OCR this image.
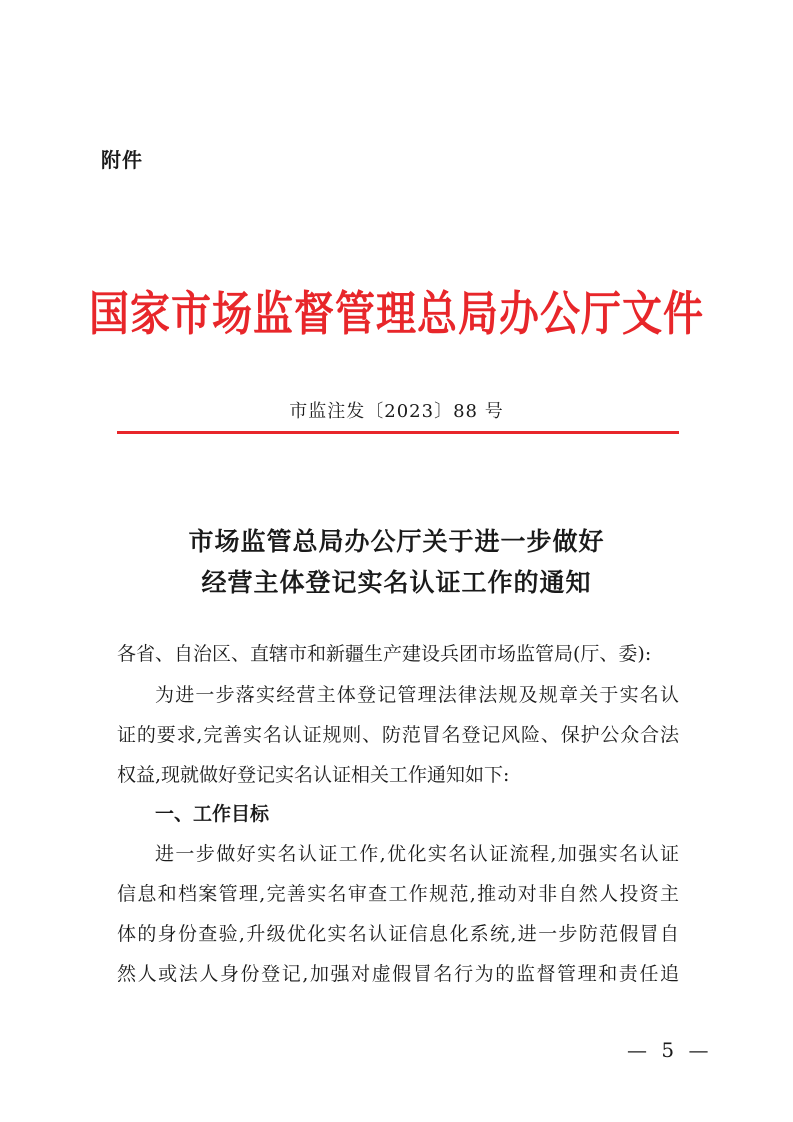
附件
国家市场监督管理总局办公厅文件
市监注发〔2023〕88 号
市场监管总局办公厅关于进一步做好
经营主体登记实名认证工作的通知
各省、自治区、直辖市和新疆生产建设兵团市场监管局(厅、委):
为进一步落实经营主体登记管理法律法规及规章关于实名认
证的要求,完善实名认证规则、防范冒名登记风险、保护公众合法
权益,现就做好登记实名认证相关工作通知如下:
一、工作目标
进一步做好实名认证工作,优化实名认证流程,加强实名认证
信息和档案管理,完善实名审查工作规范,推动对非自然人投资主
体的身份查验,升级优化实名认证信息化系统,进一步防范假冒自
然人或法人身份登记,加强对虚假冒名行为的监督管理和责任追
— 5 —
